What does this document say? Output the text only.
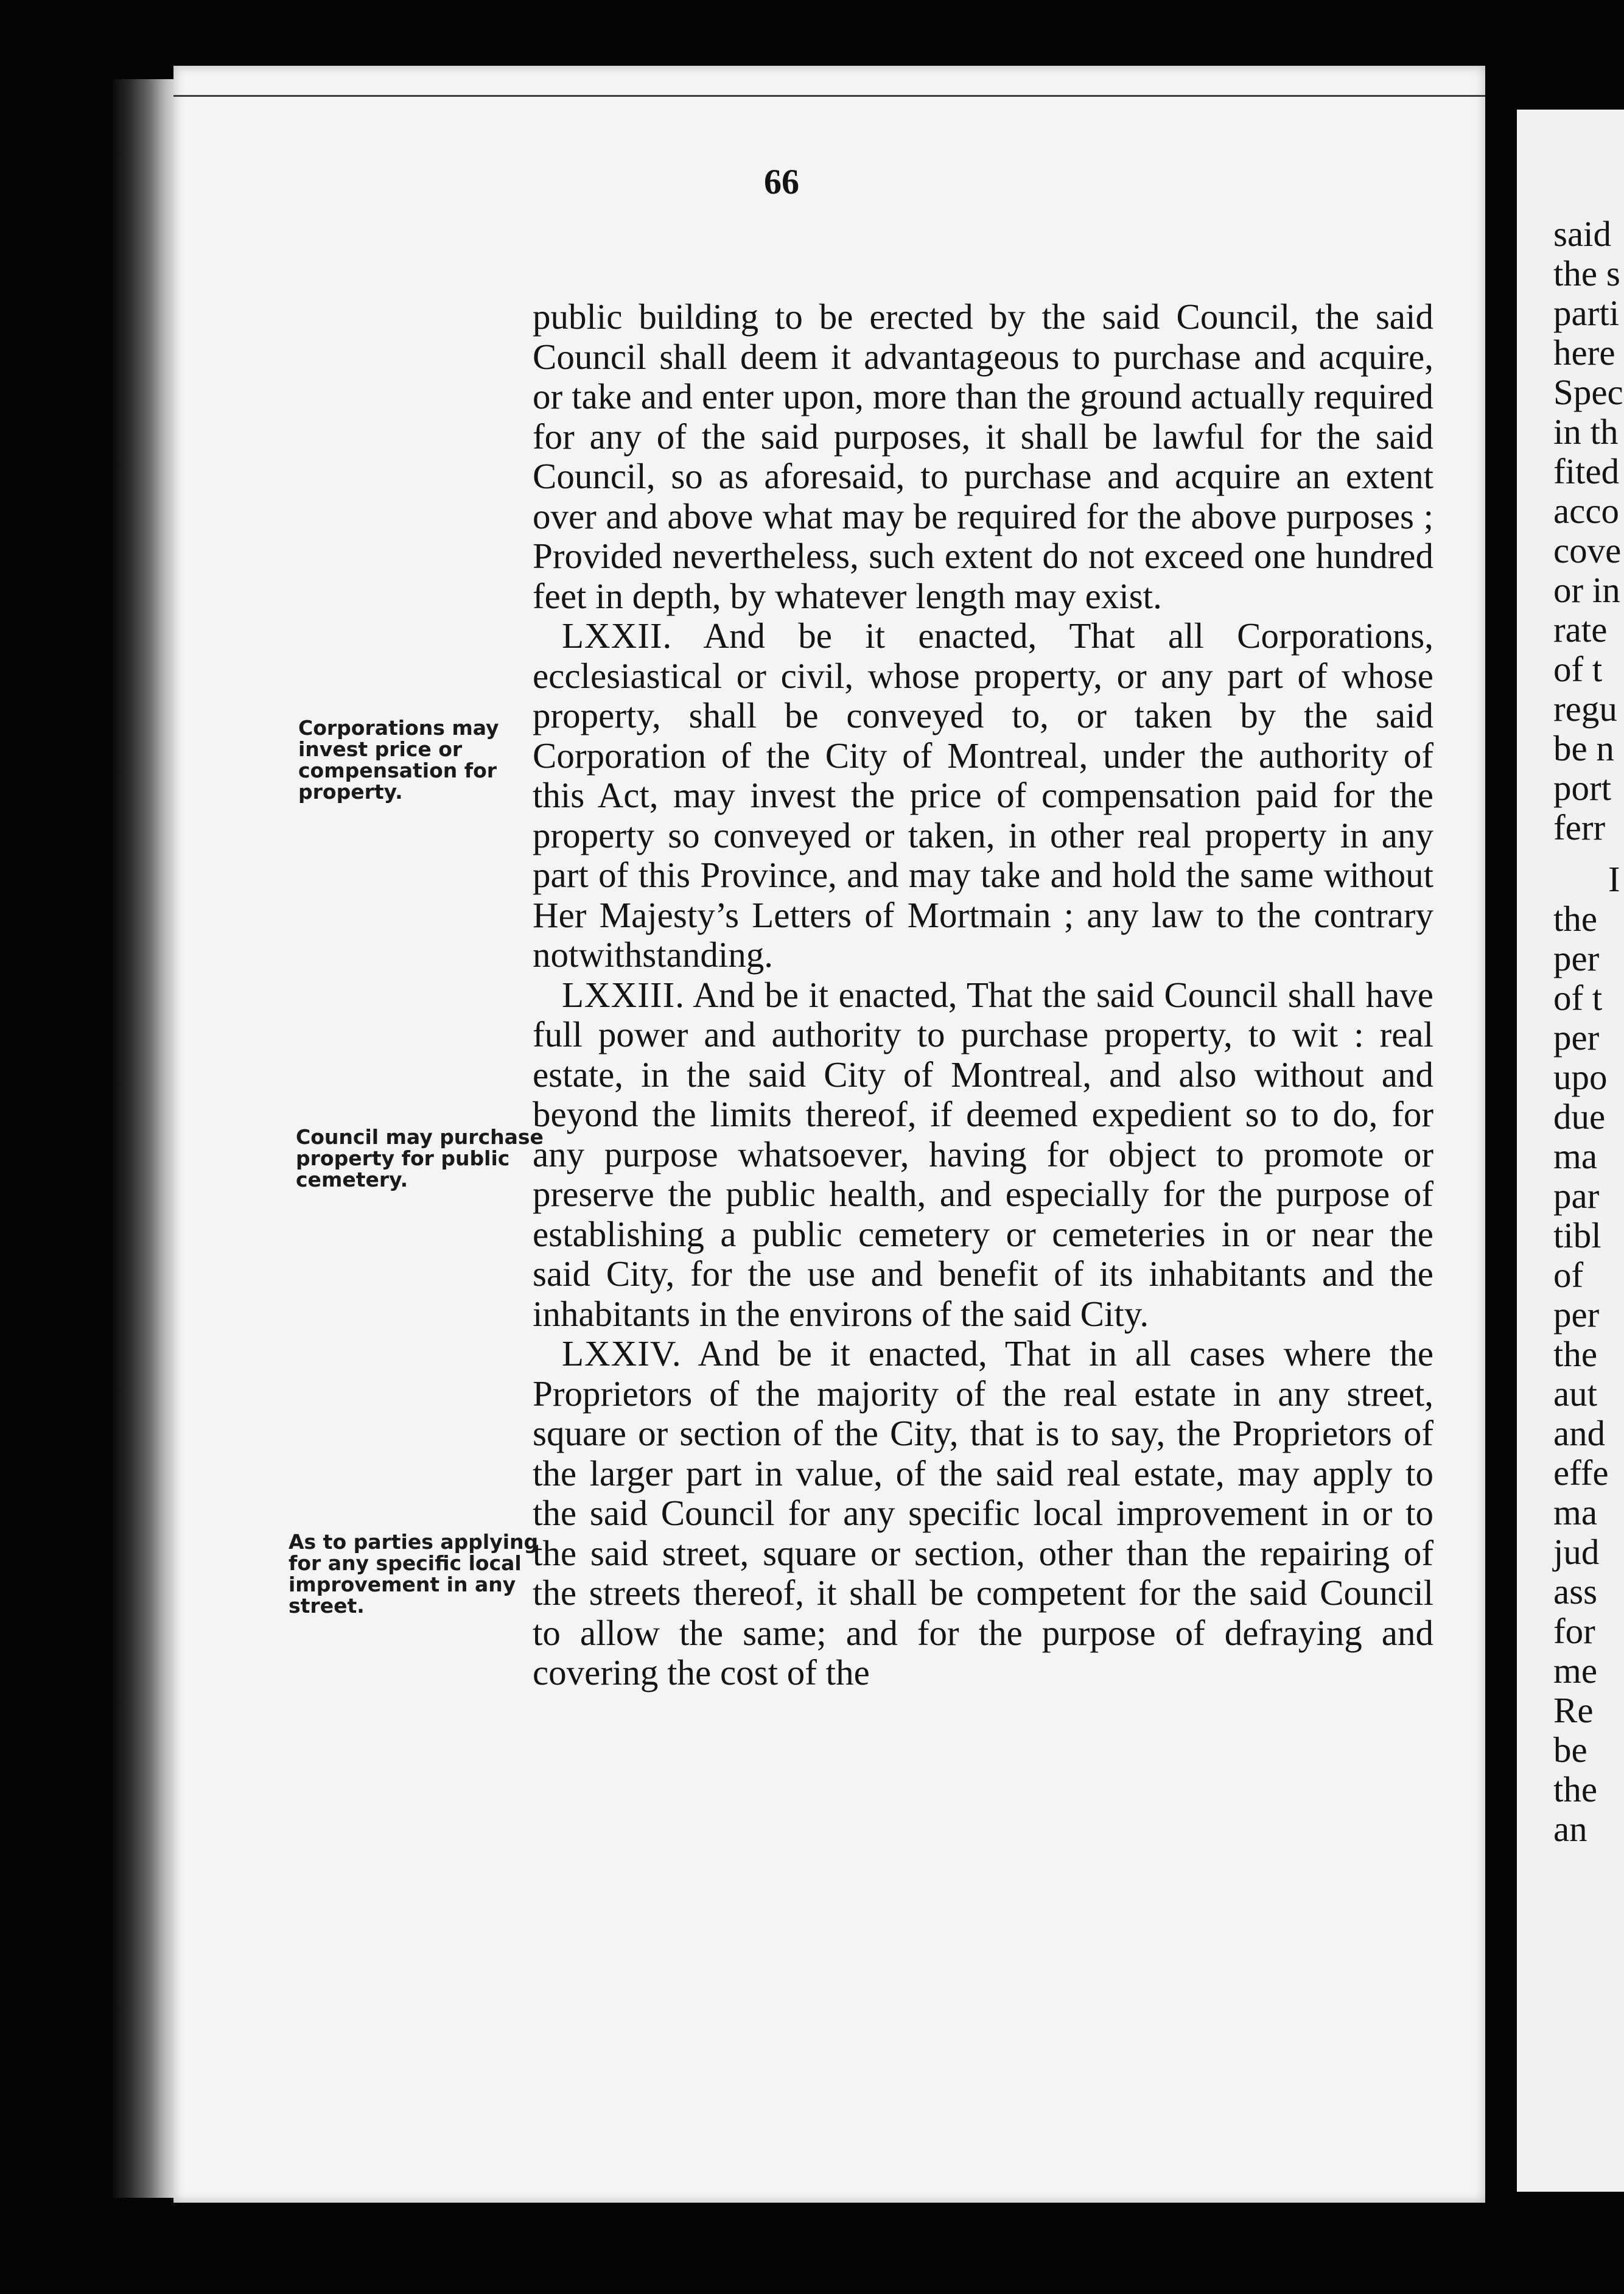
66

public building to be erected by the said Council, the said Council shall deem it advantageous to purchase and acquire, or take and enter upon, more than the ground actually required for any of the said purposes, it shall be lawful for the said Council, so as aforesaid, to purchase and acquire an extent over and above what may be required for the above purposes ; Provided nevertheless, such extent do not exceed one hundred feet in depth, by whatever length may exist.

LXXII. And be it enacted, That all Corporations, ecclesiastical or civil, whose property, or any part of whose property, shall be conveyed to, or taken by the said Corporation of the City of Montreal, under the authority of this Act, may invest the price of compensation paid for the property so conveyed or taken, in other real property in any part of this Province, and may take and hold the same without Her Majesty’s Letters of Mortmain ; any law to the contrary notwithstanding.

LXXIII. And be it enacted, That the said Council shall have full power and authority to purchase property, to wit : real estate, in the said City of Montreal, and also without and beyond the limits thereof, if deemed expedient so to do, for any purpose whatsoever, having for object to promote or preserve the public health, and especially for the purpose of establishing a public cemetery or cemeteries in or near the said City, for the use and benefit of its inhabitants and the inhabitants in the environs of the said City.

LXXIV. And be it enacted, That in all cases where the Proprietors of the majority of the real estate in any street, square or section of the City, that is to say, the Proprietors of the larger part in value, of the said real estate, may apply to the said Council for any specific local improvement in or to the said street, square or section, other than the repairing of the streets thereof, it shall be competent for the said Council to allow the same; and for the purpose of defraying and covering the cost of the

Corporations may invest price or compensation for property.
Council may purchase property for public cemetery.
As to parties applying for any specific local improvement in any street.
said
the s
parti
here
Spec
in th
fited
acco
cove
or in
rate
of t
regu
be n
port
ferr
I
the
per
of t
per
upo
due
ma
par
tibl
of
per
the
aut
and
effe
ma
jud
ass
for
me
Re
be
the
an
